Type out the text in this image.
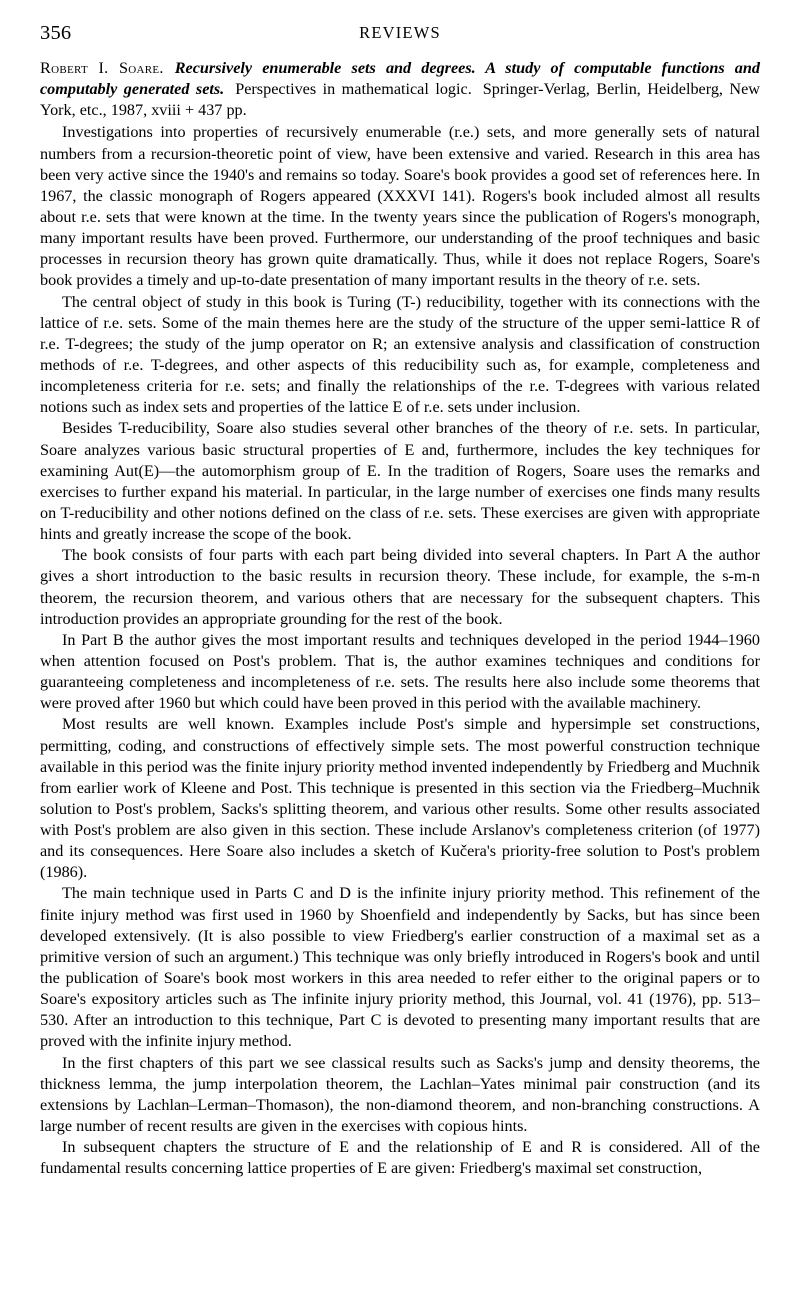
356	REVIEWS

Robert I. Soare. Recursively enumerable sets and degrees. A study of computable functions and computably generated sets. Perspectives in mathematical logic. Springer-Verlag, Berlin, Heidelberg, New York, etc., 1987, xviii + 437 pp.

Investigations into properties of recursively enumerable (r.e.) sets, and more generally sets of natural numbers from a recursion-theoretic point of view, have been extensive and varied. Research in this area has been very active since the 1940's and remains so today. Soare's book provides a good set of references here. In 1967, the classic monograph of Rogers appeared (XXXVI 141). Rogers's book included almost all results about r.e. sets that were known at the time. In the twenty years since the publication of Rogers's monograph, many important results have been proved. Furthermore, our understanding of the proof techniques and basic processes in recursion theory has grown quite dramatically. Thus, while it does not replace Rogers, Soare's book provides a timely and up-to-date presentation of many important results in the theory of r.e. sets.

The central object of study in this book is Turing (T-) reducibility, together with its connections with the lattice of r.e. sets. Some of the main themes here are the study of the structure of the upper semi-lattice R of r.e. T-degrees; the study of the jump operator on R; an extensive analysis and classification of construction methods of r.e. T-degrees, and other aspects of this reducibility such as, for example, completeness and incompleteness criteria for r.e. sets; and finally the relationships of the r.e. T-degrees with various related notions such as index sets and properties of the lattice E of r.e. sets under inclusion.

Besides T-reducibility, Soare also studies several other branches of the theory of r.e. sets. In particular, Soare analyzes various basic structural properties of E and, furthermore, includes the key techniques for examining Aut(E)—the automorphism group of E. In the tradition of Rogers, Soare uses the remarks and exercises to further expand his material. In particular, in the large number of exercises one finds many results on T-reducibility and other notions defined on the class of r.e. sets. These exercises are given with appropriate hints and greatly increase the scope of the book.

The book consists of four parts with each part being divided into several chapters. In Part A the author gives a short introduction to the basic results in recursion theory. These include, for example, the s-m-n theorem, the recursion theorem, and various others that are necessary for the subsequent chapters. This introduction provides an appropriate grounding for the rest of the book.

In Part B the author gives the most important results and techniques developed in the period 1944–1960 when attention focused on Post's problem. That is, the author examines techniques and conditions for guaranteeing completeness and incompleteness of r.e. sets. The results here also include some theorems that were proved after 1960 but which could have been proved in this period with the available machinery.

Most results are well known. Examples include Post's simple and hypersimple set constructions, permitting, coding, and constructions of effectively simple sets. The most powerful construction technique available in this period was the finite injury priority method invented independently by Friedberg and Muchnik from earlier work of Kleene and Post. This technique is presented in this section via the Friedberg–Muchnik solution to Post's problem, Sacks's splitting theorem, and various other results. Some other results associated with Post's problem are also given in this section. These include Arslanov's completeness criterion (of 1977) and its consequences. Here Soare also includes a sketch of Kučera's priority-free solution to Post's problem (1986).

The main technique used in Parts C and D is the infinite injury priority method. This refinement of the finite injury method was first used in 1960 by Shoenfield and independently by Sacks, but has since been developed extensively. (It is also possible to view Friedberg's earlier construction of a maximal set as a primitive version of such an argument.) This technique was only briefly introduced in Rogers's book and until the publication of Soare's book most workers in this area needed to refer either to the original papers or to Soare's expository articles such as The infinite injury priority method, this Journal, vol. 41 (1976), pp. 513–530. After an introduction to this technique, Part C is devoted to presenting many important results that are proved with the infinite injury method.

In the first chapters of this part we see classical results such as Sacks's jump and density theorems, the thickness lemma, the jump interpolation theorem, the Lachlan–Yates minimal pair construction (and its extensions by Lachlan–Lerman–Thomason), the non-diamond theorem, and non-branching constructions. A large number of recent results are given in the exercises with copious hints.

In subsequent chapters the structure of E and the relationship of E and R is considered. All of the fundamental results concerning lattice properties of E are given: Friedberg's maximal set construction,
